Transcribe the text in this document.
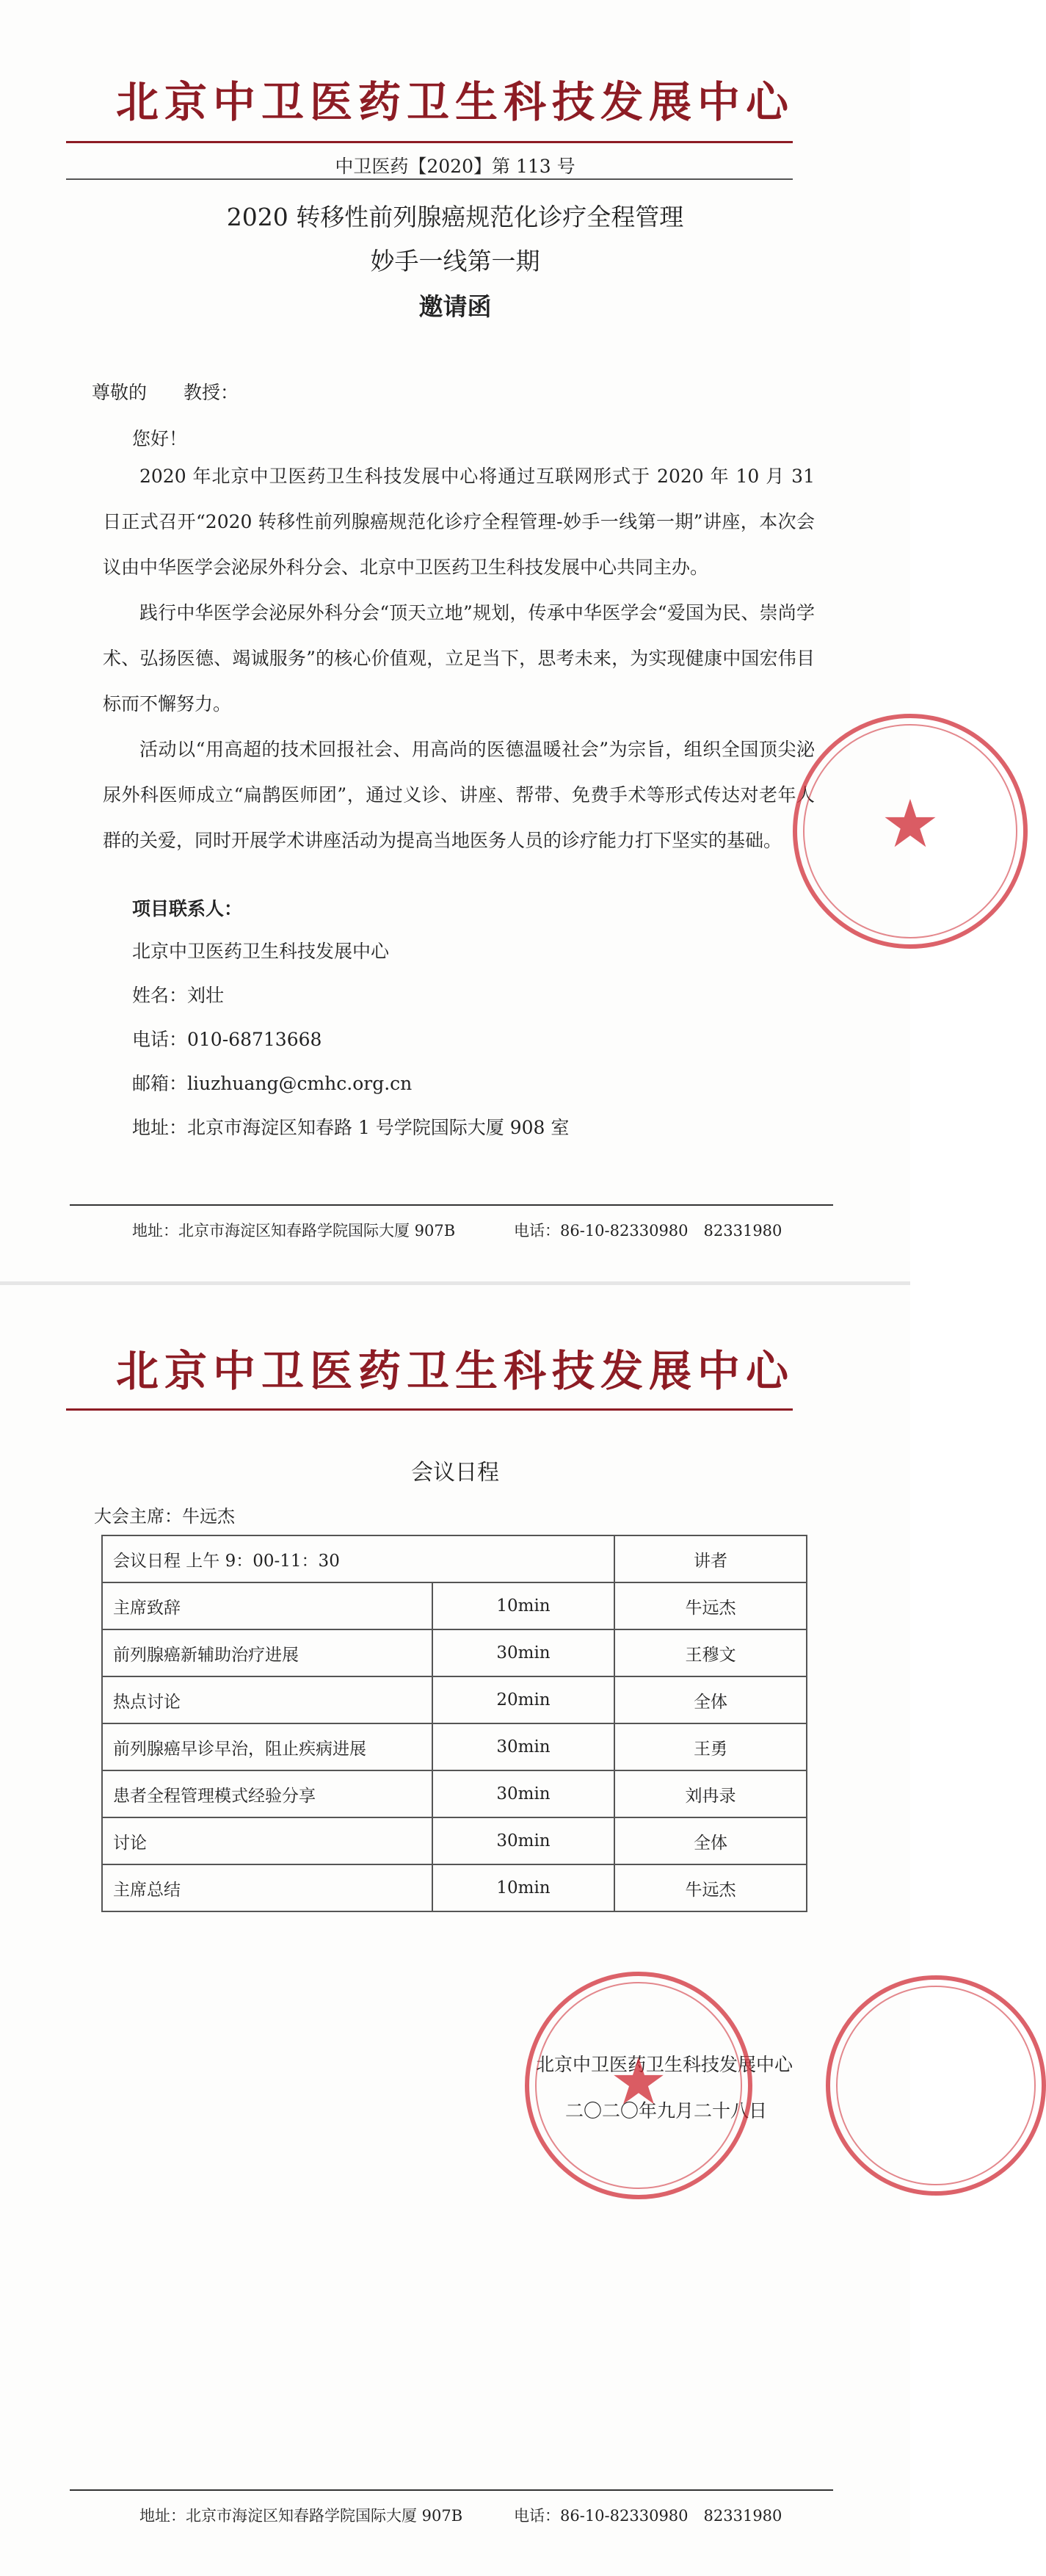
北京中卫医药卫生科技发展中心
中卫医药【2020】第 113 号
2020 转移性前列腺癌规范化诊疗全程管理
妙手一线第一期
邀请函
尊敬的　　教授：
您好！

2020 年北京中卫医药卫生科技发展中心将通过互联网形式于 2020 年 10 月 31 日正式召开“2020 转移性前列腺癌规范化诊疗全程管理-妙手一线第一期”讲座，本次会议由中华医学会泌尿外科分会、北京中卫医药卫生科技发展中心共同主办。

践行中华医学会泌尿外科分会“顶天立地”规划，传承中华医学会“爱国为民、崇尚学术、弘扬医德、竭诚服务”的核心价值观，立足当下，思考未来，为实现健康中国宏伟目标而不懈努力。

活动以“用高超的技术回报社会、用高尚的医德温暖社会”为宗旨，组织全国顶尖泌尿外科医师成立“扁鹊医师团”，通过义诊、讲座、帮带、免费手术等形式传达对老年人群的关爱，同时开展学术讲座活动为提高当地医务人员的诊疗能力打下坚实的基础。

项目联系人：
北京中卫医药卫生科技发展中心
姓名：刘壮
电话：010-68713668
邮箱：liuzhuang@cmhc.org.cn
地址：北京市海淀区知春路 1 号学院国际大厦 908 室
地址：北京市海淀区知春路学院国际大厦 907B	电话：86-10-82330980　82331980
★
北京中卫医药卫生科技发展中心
会议日程
大会主席：牛远杰
会议日程 上午 9：00-11：30		讲者
主席致辞	10min	牛远杰
前列腺癌新辅助治疗进展	30min	王穆文
热点讨论	20min	全体
前列腺癌早诊早治，阻止疾病进展	30min	王勇
患者全程管理模式经验分享	30min	刘冉录
讨论	30min	全体
主席总结	10min	牛远杰
北京中卫医药卫生科技发展中心
二〇二〇年九月二十八日
★
地址：北京市海淀区知春路学院国际大厦 907B	电话：86-10-82330980　82331980
